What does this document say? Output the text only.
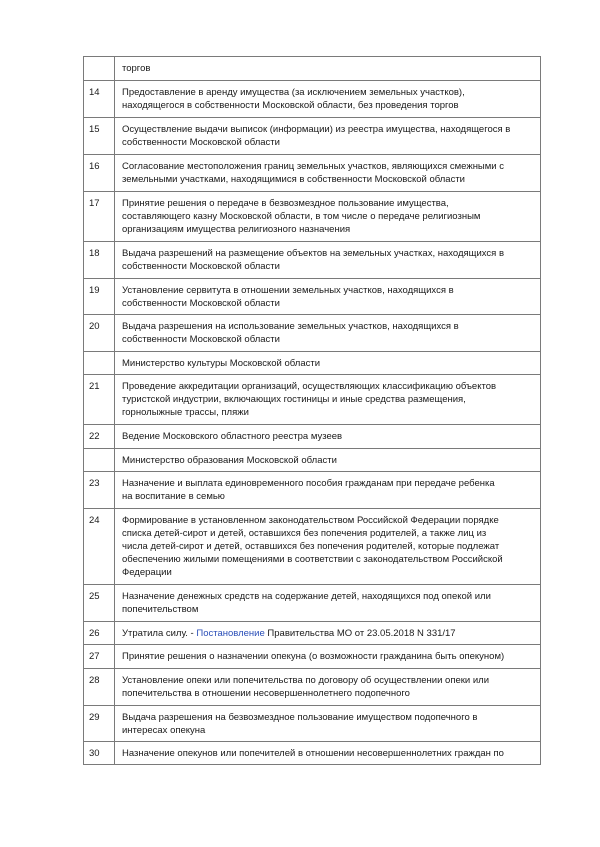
	торгов

14	Предоставление в аренду имущества (за исключением земельных участков),
находящегося в собственности Московской области, без проведения торгов

15	Осуществление выдачи выписок (информации) из реестра имущества, находящегося в
собственности Московской области

16	Согласование местоположения границ земельных участков, являющихся смежными с
земельными участками, находящимися в собственности Московской области

17	Принятие решения о передаче в безвозмездное пользование имущества,
составляющего казну Московской области, в том числе о передаче религиозным
организациям имущества религиозного назначения

18	Выдача разрешений на размещение объектов на земельных участках, находящихся в
собственности Московской области

19	Установление сервитута в отношении земельных участков, находящихся в
собственности Московской области

20	Выдача разрешения на использование земельных участков, находящихся в
собственности Московской области

	Министерство культуры Московской области

21	Проведение аккредитации организаций, осуществляющих классификацию объектов
туристской индустрии, включающих гостиницы и иные средства размещения,
горнолыжные трассы, пляжи

22	Ведение Московского областного реестра музеев

	Министерство образования Московской области

23	Назначение и выплата единовременного пособия гражданам при передаче ребенка
на воспитание в семью

24	Формирование в установленном законодательством Российской Федерации порядке
списка детей-сирот и детей, оставшихся без попечения родителей, а также лиц из
числа детей-сирот и детей, оставшихся без попечения родителей, которые подлежат
обеспечению жилыми помещениями в соответствии с законодательством Российской
Федерации

25	Назначение денежных средств на содержание детей, находящихся под опекой или
попечительством

26	Утратила силу. - Постановление Правительства МО от 23.05.2018 N 331/17

27	Принятие решения о назначении опекуна (о возможности гражданина быть опекуном)

28	Установление опеки или попечительства по договору об осуществлении опеки или
попечительства в отношении несовершеннолетнего подопечного

29	Выдача разрешения на безвозмездное пользование имуществом подопечного в
интересах опекуна

30	Назначение опекунов или попечителей в отношении несовершеннолетних граждан по
